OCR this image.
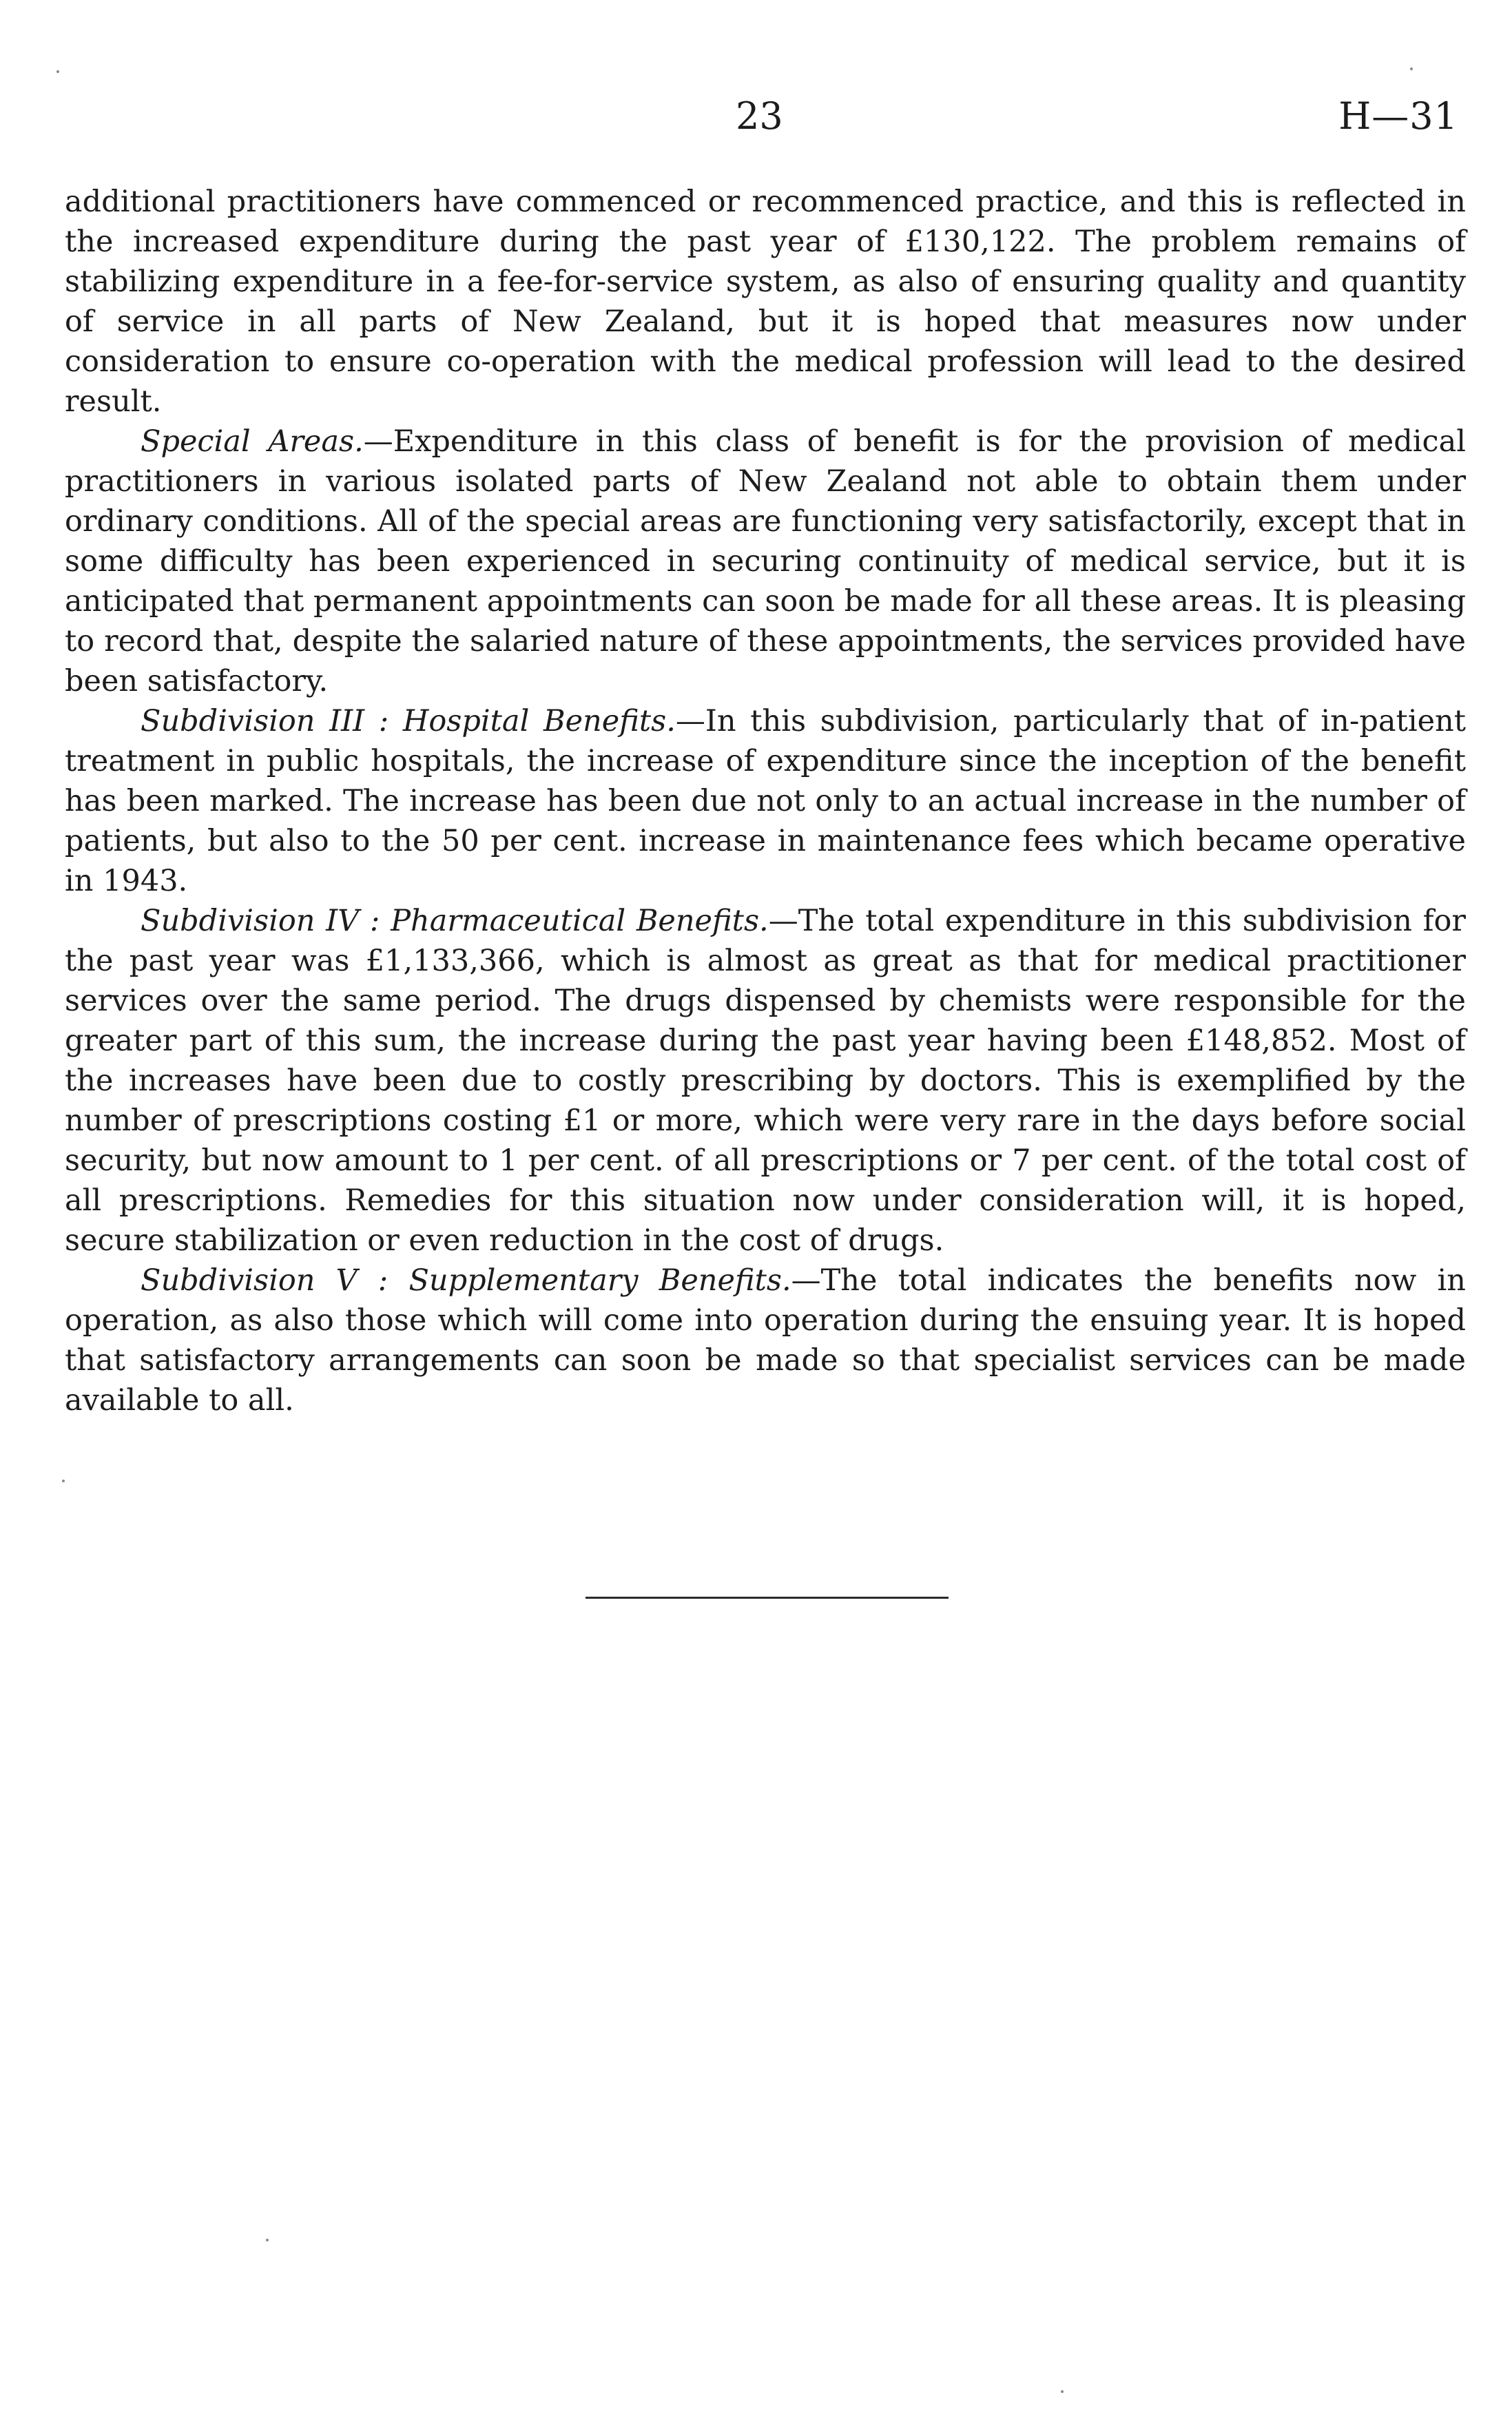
23	H—31

additional practitioners have commenced or recommenced practice, and this is reflected in the increased expenditure during the past year of £130,122. The problem remains of stabilizing expenditure in a fee-for-service system, as also of ensuring quality and quantity of service in all parts of New Zealand, but it is hoped that measures now under consideration to ensure co-operation with the medical profession will lead to the desired result.

Special Areas.—Expenditure in this class of benefit is for the provision of medical practitioners in various isolated parts of New Zealand not able to obtain them under ordinary conditions. All of the special areas are functioning very satisfactorily, except that in some difficulty has been experienced in securing continuity of medical service, but it is anticipated that permanent appointments can soon be made for all these areas. It is pleasing to record that, despite the salaried nature of these appointments, the services provided have been satisfactory.

Subdivision III : Hospital Benefits.—In this subdivision, particularly that of in-patient treatment in public hospitals, the increase of expenditure since the inception of the benefit has been marked. The increase has been due not only to an actual increase in the number of patients, but also to the 50 per cent. increase in maintenance fees which became operative in 1943.

Subdivision IV : Pharmaceutical Benefits.—The total expenditure in this subdivision for the past year was £1,133,366, which is almost as great as that for medical practitioner services over the same period. The drugs dispensed by chemists were responsible for the greater part of this sum, the increase during the past year having been £148,852. Most of the increases have been due to costly prescribing by doctors. This is exemplified by the number of prescriptions costing £1 or more, which were very rare in the days before social security, but now amount to 1 per cent. of all prescriptions or 7 per cent. of the total cost of all prescriptions. Remedies for this situation now under consideration will, it is hoped, secure stabilization or even reduction in the cost of drugs.

Subdivision V : Supplementary Benefits.—The total indicates the benefits now in operation, as also those which will come into operation during the ensuing year. It is hoped that satisfactory arrangements can soon be made so that specialist services can be made available to all.
